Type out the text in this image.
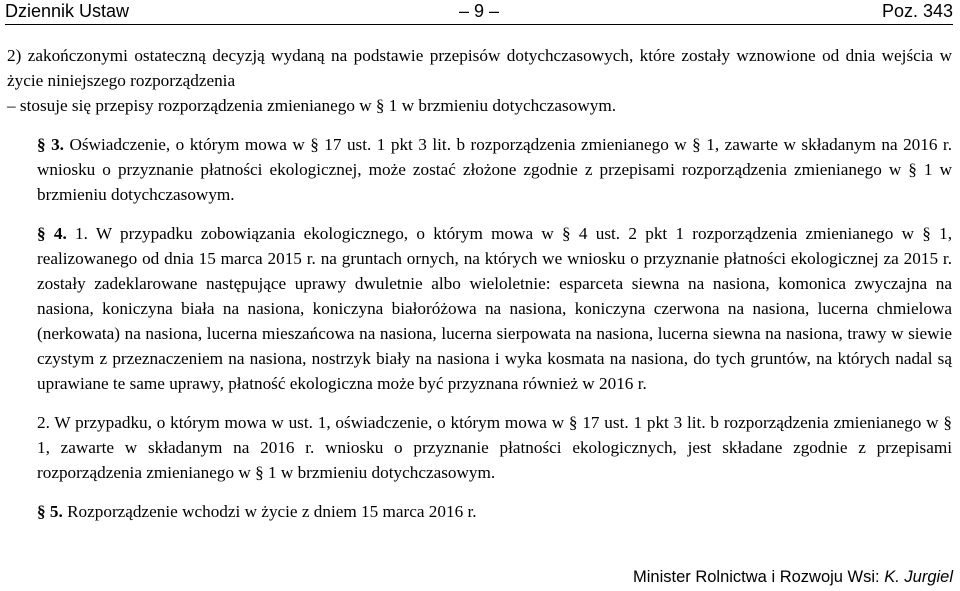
Dziennik Ustaw	– 9 –	Poz. 343

2) zakończonymi ostateczną decyzją wydaną na podstawie przepisów dotychczasowych, które zostały wznowione od dnia wejścia w życie niniejszego rozporządzenia

– stosuje się przepisy rozporządzenia zmienianego w § 1 w brzmieniu dotychczasowym.

§ 3. Oświadczenie, o którym mowa w § 17 ust. 1 pkt 3 lit. b rozporządzenia zmienianego w § 1, zawarte w składanym na 2016 r. wniosku o przyznanie płatności ekologicznej, może zostać złożone zgodnie z przepisami rozporządzenia zmienianego w § 1 w brzmieniu dotychczasowym.

§ 4. 1. W przypadku zobowiązania ekologicznego, o którym mowa w § 4 ust. 2 pkt 1 rozporządzenia zmienianego w § 1, realizowanego od dnia 15 marca 2015 r. na gruntach ornych, na których we wniosku o przyznanie płatności ekologicznej za 2015 r. zostały zadeklarowane następujące uprawy dwuletnie albo wieloletnie: esparceta siewna na nasiona, komonica zwyczajna na nasiona, koniczyna biała na nasiona, koniczyna białoróżowa na nasiona, koniczyna czerwona na nasiona, lucerna chmielowa (nerkowata) na nasiona, lucerna mieszańcowa na nasiona, lucerna sierpowata na nasiona, lucerna siewna na nasiona, trawy w siewie czystym z przeznaczeniem na nasiona, nostrzyk biały na nasiona i wyka kosmata na nasiona, do tych gruntów, na których nadal są uprawiane te same uprawy, płatność ekologiczna może być przyznana również w 2016 r.

2. W przypadku, o którym mowa w ust. 1, oświadczenie, o którym mowa w § 17 ust. 1 pkt 3 lit. b rozporządzenia zmienianego w § 1, zawarte w składanym na 2016 r. wniosku o przyznanie płatności ekologicznych, jest składane zgodnie z przepisami rozporządzenia zmienianego w § 1 w brzmieniu dotychczasowym.

§ 5. Rozporządzenie wchodzi w życie z dniem 15 marca 2016 r.

Minister Rolnictwa i Rozwoju Wsi: K. Jurgiel
